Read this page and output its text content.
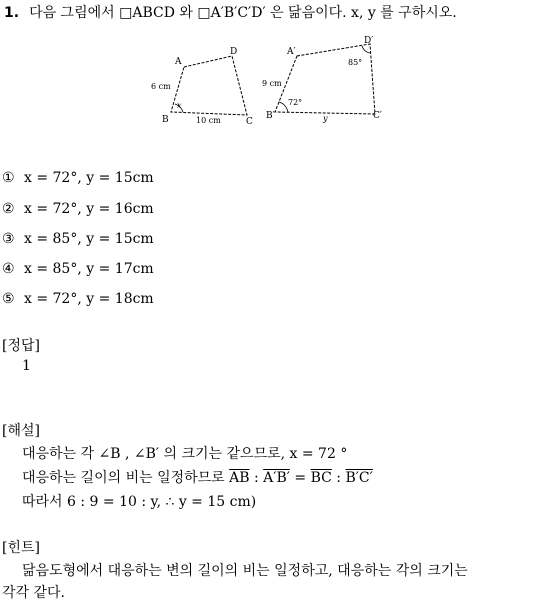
1. 다음 그림에서 □ABCD 와 □A′B′C′D′ 은 닮음이다. x, y 를 구하시오.
A
B	C
D
6 cm
10 cm
x
A′
B′	C′
D′
9 cm
y
72°
85°
① x = 72°, y = 15cm
② x = 72°, y = 16cm
③ x = 85°, y = 15cm
④ x = 85°, y = 17cm
⑤ x = 72°, y = 18cm
[정답]
1
[해설]
대응하는 각 ∠B , ∠B′ 의 크기는 같으므로, x = 72 °
대응하는 길이의 비는 일정하므로 $\overline{AB}$ : $A'B' = \overline{BC}$ : B′C′
따라서 6 : 9 = 10 : y, ∴ y = 15 cm)
[힌트]
닮음도형에서 대응하는 변의 길이의 비는 일정하고, 대응하는 각의 크기는
각각 같다.
